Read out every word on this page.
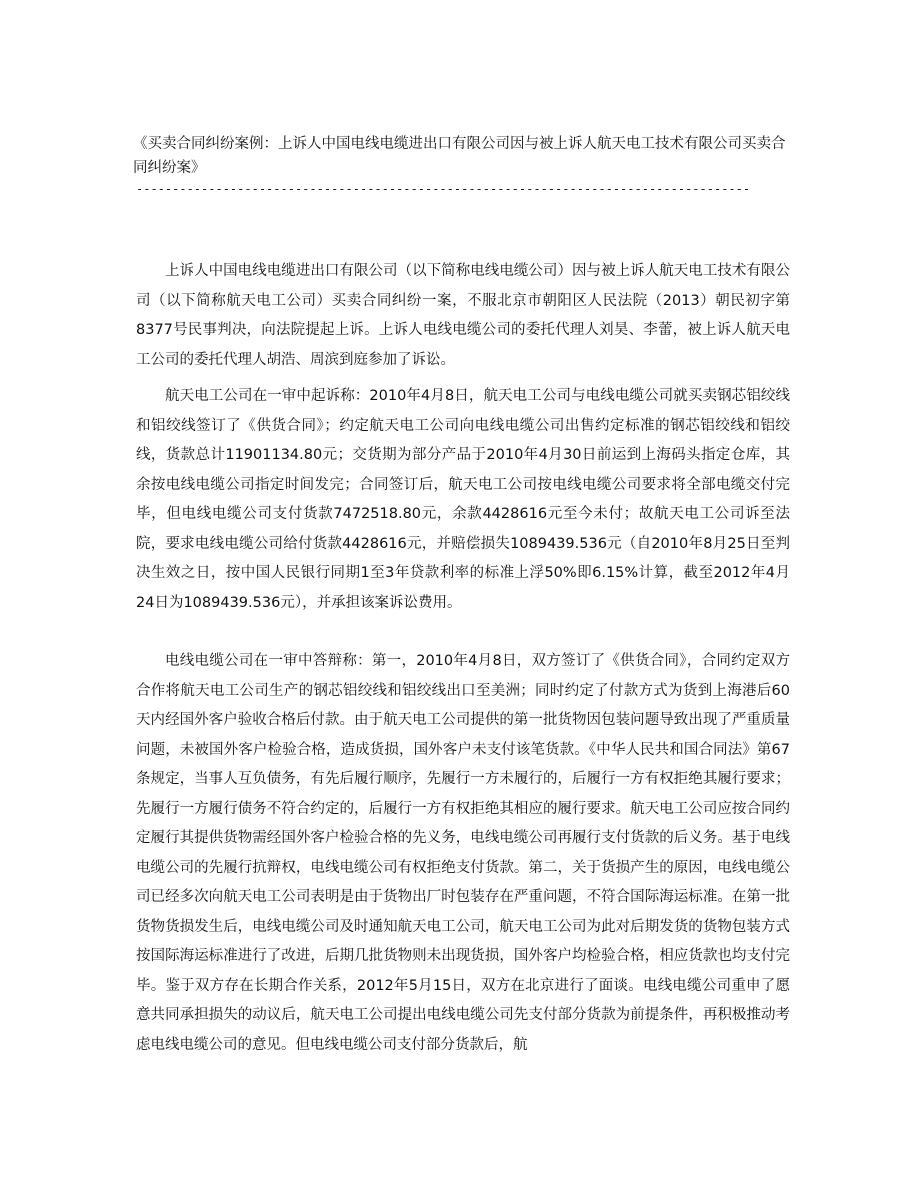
《买卖合同纠纷案例：上诉人中国电线电缆进出口有限公司因与被上诉人航天电工技术有限公司买卖合同纠纷案》

-------------------------------------------------------------------------------------

上诉人中国电线电缆进出口有限公司（以下简称电线电缆公司）因与被上诉人航天电工技术有限公司（以下简称航天电工公司）买卖合同纠纷一案，不服北京市朝阳区人民法院（2013）朝民初字第8377号民事判决，向法院提起上诉。上诉人电线电缆公司的委托代理人刘昊、李蕾，被上诉人航天电工公司的委托代理人胡浩、周滨到庭参加了诉讼。

航天电工公司在一审中起诉称：2010年4月8日，航天电工公司与电线电缆公司就买卖钢芯铝绞线和铝绞线签订了《供货合同》；约定航天电工公司向电线电缆公司出售约定标准的钢芯铝绞线和铝绞线，货款总计11901134.80元；交货期为部分产品于2010年4月30日前运到上海码头指定仓库，其余按电线电缆公司指定时间发完；合同签订后，航天电工公司按电线电缆公司要求将全部电缆交付完毕，但电线电缆公司支付货款7472518.80元，余款4428616元至今未付；故航天电工公司诉至法院，要求电线电缆公司给付货款4428616元，并赔偿损失1089439.536元（自2010年8月25日至判决生效之日，按中国人民银行同期1至3年贷款利率的标准上浮50%即6.15%计算，截至2012年4月24日为1089439.536元），并承担该案诉讼费用。

电线电缆公司在一审中答辩称：第一，2010年4月8日，双方签订了《供货合同》，合同约定双方合作将航天电工公司生产的钢芯铝绞线和铝绞线出口至美洲；同时约定了付款方式为货到上海港后60天内经国外客户验收合格后付款。由于航天电工公司提供的第一批货物因包装问题导致出现了严重质量问题，未被国外客户检验合格，造成货损，国外客户未支付该笔货款。《中华人民共和国合同法》第67条规定，当事人互负债务，有先后履行顺序，先履行一方未履行的，后履行一方有权拒绝其履行要求；先履行一方履行债务不符合约定的，后履行一方有权拒绝其相应的履行要求。航天电工公司应按合同约定履行其提供货物需经国外客户检验合格的先义务，电线电缆公司再履行支付货款的后义务。基于电线电缆公司的先履行抗辩权，电线电缆公司有权拒绝支付货款。第二，关于货损产生的原因，电线电缆公司已经多次向航天电工公司表明是由于货物出厂时包装存在严重问题，不符合国际海运标准。在第一批货物货损发生后，电线电缆公司及时通知航天电工公司，航天电工公司为此对后期发货的货物包装方式按国际海运标准进行了改进，后期几批货物则未出现货损，国外客户均检验合格，相应货款也均支付完毕。鉴于双方存在长期合作关系，2012年5月15日，双方在北京进行了面谈。电线电缆公司重申了愿意共同承担损失的动议后，航天电工公司提出电线电缆公司先支付部分货款为前提条件，再积极推动考虑电线电缆公司的意见。但电线电缆公司支付部分货款后，航
